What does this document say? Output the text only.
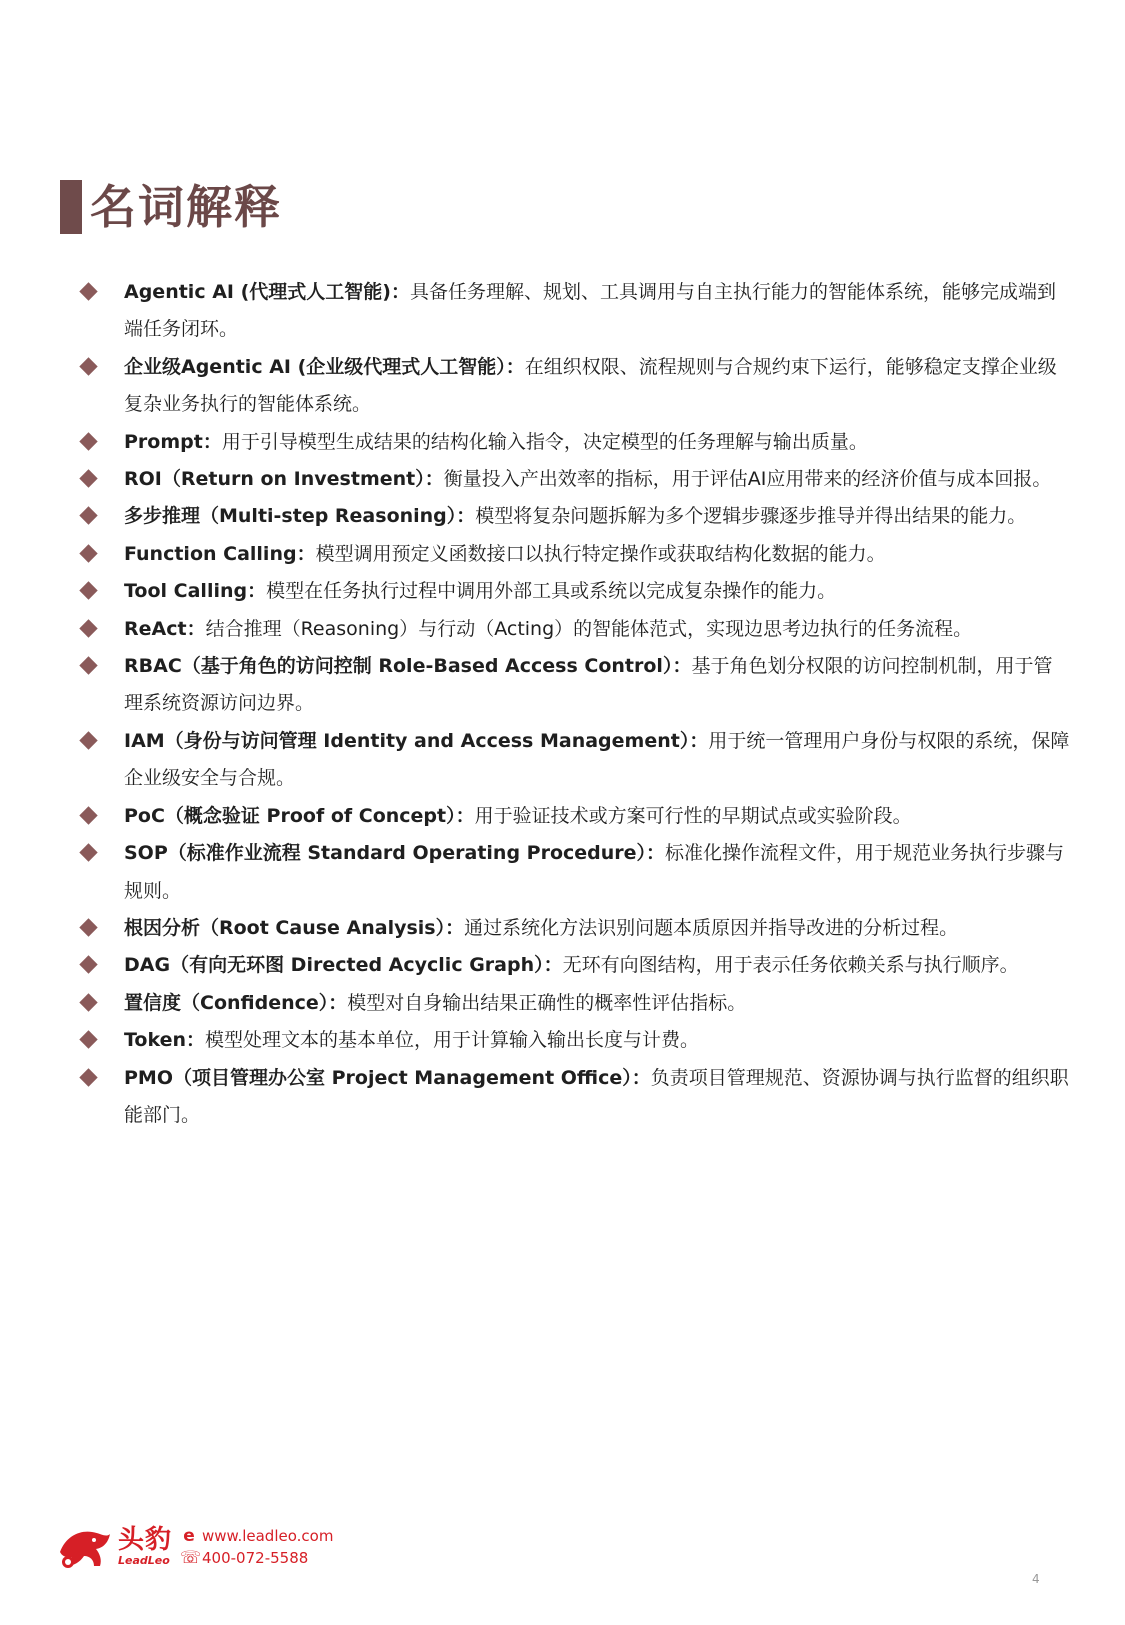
名词解释
Agentic AI (代理式人工智能)：具备任务理解、规划、工具调用与自主执行能力的智能体系统，能够完成端到端任务闭环。
企业级Agentic AI (企业级代理式人工智能）：在组织权限、流程规则与合规约束下运行，能够稳定支撑企业级复杂业务执行的智能体系统。
Prompt：用于引导模型生成结果的结构化输入指令，决定模型的任务理解与输出质量。
ROI（Return on Investment）：衡量投入产出效率的指标，用于评估AI应用带来的经济价值与成本回报。
多步推理（Multi-step Reasoning）：模型将复杂问题拆解为多个逻辑步骤逐步推导并得出结果的能力。
Function Calling：模型调用预定义函数接口以执行特定操作或获取结构化数据的能力。
Tool Calling：模型在任务执行过程中调用外部工具或系统以完成复杂操作的能力。
ReAct：结合推理（Reasoning）与行动（Acting）的智能体范式，实现边思考边执行的任务流程。
RBAC（基于角色的访问控制 Role-Based Access Control）：基于角色划分权限的访问控制机制，用于管理系统资源访问边界。
IAM（身份与访问管理 Identity and Access Management）：用于统一管理用户身份与权限的系统，保障企业级安全与合规。
PoC（概念验证 Proof of Concept）：用于验证技术或方案可行性的早期试点或实验阶段。
SOP（标准作业流程 Standard Operating Procedure）：标准化操作流程文件，用于规范业务执行步骤与规则。
根因分析（Root Cause Analysis）：通过系统化方法识别问题本质原因并指导改进的分析过程。
DAG（有向无环图 Directed Acyclic Graph）：无环有向图结构，用于表示任务依赖关系与执行顺序。
置信度（Confidence）：模型对自身输出结果正确性的概率性评估指标。
Token：模型处理文本的基本单位，用于计算输入输出长度与计费。
PMO（项目管理办公室 Project Management Office）：负责项目管理规范、资源协调与执行监督的组织职能部门。
头豹
LeadLeo
e www.leadleo.com
☏ 400-072-5588
4
